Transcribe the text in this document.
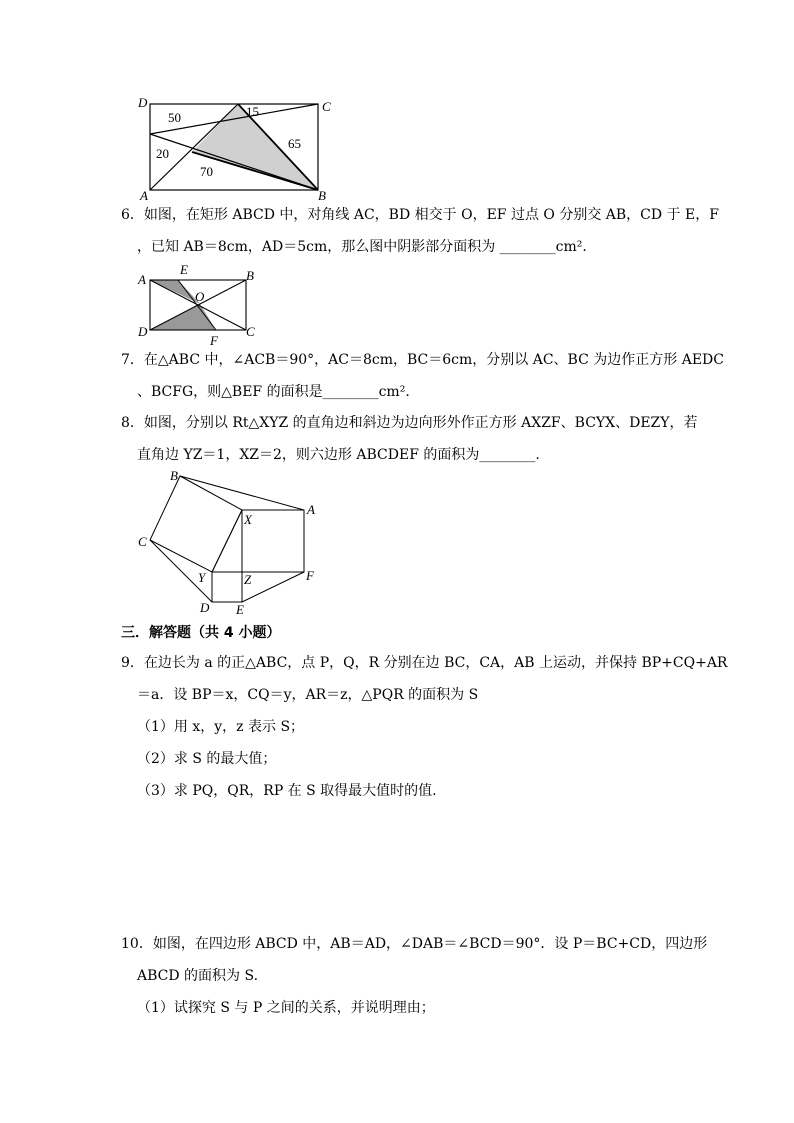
D	C
A	B
50	15
65
20
70
6．如图，在矩形 ABCD 中，对角线 AC，BD 相交于 O，EF 过点 O 分别交 AB，CD 于 E，F
，已知 AB＝8cm，AD＝5cm，那么图中阴影部分面积为 ________cm².
A
E	B
O
D
F
C
7．在△ABC 中，∠ACB＝90°，AC＝8cm，BC＝6cm，分别以 AC、BC 为边作正方形 AEDC
、BCFG，则△BEF 的面积是________cm².
8．如图，分别以 Rt△XYZ 的直角边和斜边为边向形外作正方形 AXZF、BCYX、DEZY，若
直角边 YZ＝1，XZ＝2，则六边形 ABCDEF 的面积为________.
B
X
A
C
Y	Z	F
D E
三．解答题（共 4 小题）
9．在边长为 a 的正△ABC，点 P，Q，R 分别在边 BC，CA，AB 上运动，并保持 BP+CQ+AR
＝a．设 BP＝x，CQ＝y，AR＝z，△PQR 的面积为 S
（1）用 x，y，z 表示 S；
（2）求 S 的最大值；
（3）求 PQ，QR，RP 在 S 取得最大值时的值.
10．如图，在四边形 ABCD 中，AB＝AD，∠DAB＝∠BCD＝90°．设 P＝BC+CD，四边形
ABCD 的面积为 S.
（1）试探究 S 与 P 之间的关系，并说明理由；
